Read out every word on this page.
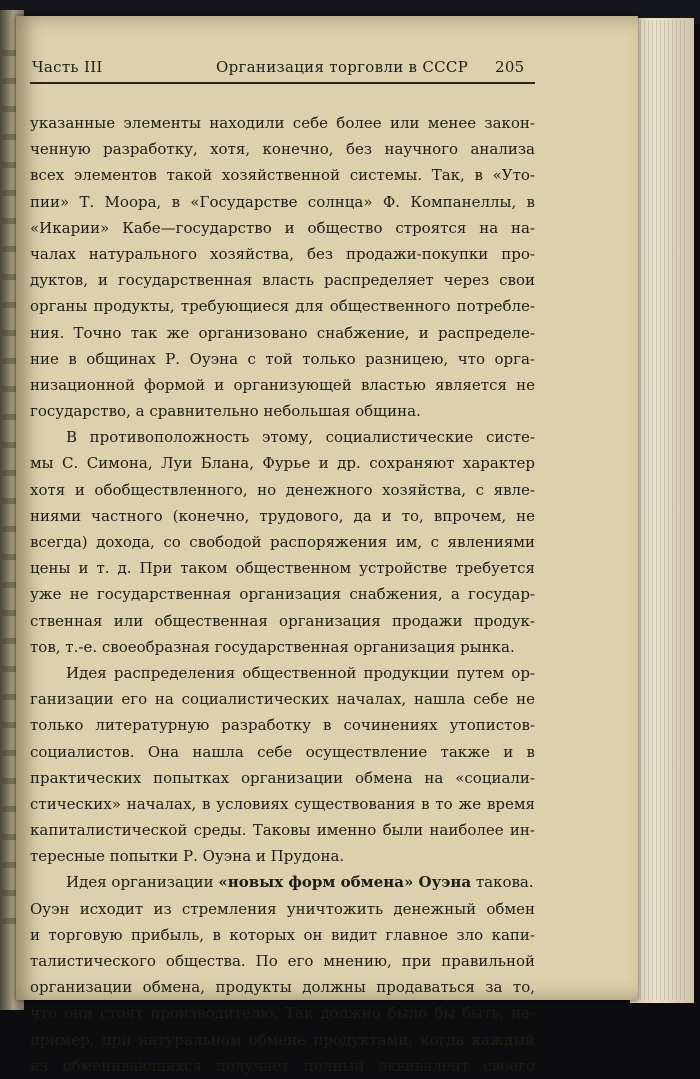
Часть III	Организация торговли в СССР 205
указанные элементы находили себе более или менее закон-
ченную разработку, хотя, конечно, без научного анализа
всех элементов такой хозяйственной системы. Так, в «Уто-
пии» Т. Моора, в «Государстве солнца» Ф. Компанеллы, в
«Икарии» Кабе—государство и общество строятся на на-
чалах натурального хозяйства, без продажи-покупки про-
дуктов, и государственная власть распределяет через свои
органы продукты, требующиеся для общественного потребле-
ния. Точно так же организовано снабжение, и распределе-
ние в общинах Р. Оуэна с той только разницею, что орга-
низационной формой и организующей властью является не
государство, а сравнительно небольшая община.
В противоположность этому, социалистические систе-
мы С. Симона, Луи Блана, Фурье и др. сохраняют характер
хотя и обобществленного, но денежного хозяйства, с явле-
ниями частного (конечно, трудового, да и то, впрочем, не
всегда) дохода, со свободой распоряжения им, с явлениями
цены и т. д. При таком общественном устройстве требуется
уже не государственная организация снабжения, а государ-
ственная или общественная организация продажи продук-
тов, т.-е. своеобразная государственная организация рынка.
Идея распределения общественной продукции путем ор-
ганизации его на социалистических началах, нашла себе не
только литературную разработку в сочинениях утопистов-
социалистов. Она нашла себе осуществление также и в
практических попытках организации обмена на «социали-
стических» началах, в условиях существования в то же время
капиталистической среды. Таковы именно были наиболее ин-
тересные попытки Р. Оуэна и Прудона.
Идея организации «новых форм обмена» Оуэна такова.
Оуэн исходит из стремления уничтожить денежный обмен
и торговую прибыль, в которых он видит главное зло капи-
талистического общества. По его мнению, при правильной
организации обмена, продукты должны продаваться за то,
что они стоят производителю. Так должно было бы быть, на-
пример, при натуральном обмене продуктами, когда каждый
из обменивающихся получает полный эквивалент своего
